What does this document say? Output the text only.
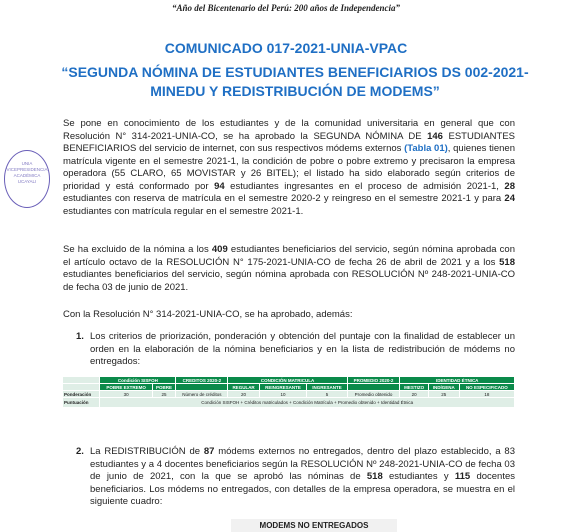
“Año del Bicentenario del Perú: 200 años de Independencia”
COMUNICADO 017-2021-UNIA-VPAC
“SEGUNDA NÓMINA DE ESTUDIANTES BENEFICIARIOS DS 002-2021-MINEDU Y REDISTRIBUCIÓN DE MODEMS”
UNIA
VICEPRESIDENCIA
ACADÉMICA
UCAYALI
Se pone en conocimiento de los estudiantes y de la comunidad universitaria en general que con Resolución N° 314-2021-UNIA-CO, se ha aprobado la SEGUNDA NÓMINA DE 146 ESTUDIANTES BENEFICIARIOS del servicio de internet, con sus respectivos módems externos (Tabla 01), quienes tienen matrícula vigente en el semestre 2021-1, la condición de pobre o pobre extremo y precisaron la empresa operadora (55 CLARO, 65 MOVISTAR y 26 BITEL); el listado ha sido elaborado según criterios de prioridad y está conformado por 94 estudiantes ingresantes en el proceso de admisión 2021-1, 28 estudiantes con reserva de matrícula en el semestre 2020-2 y reingreso en el semestre 2021-1 y para 24 estudiantes con matrícula regular en el semestre 2021-1.
Se ha excluido de la nómina a los 409 estudiantes beneficiarios del servicio, según nómina aprobada con el artículo octavo de la RESOLUCIÓN N° 175-2021-UNIA-CO de fecha 26 de abril de 2021 y a los 518 estudiantes beneficiarios del servicio, según nómina aprobada con RESOLUCIÓN Nº 248-2021-UNIA-CO de fecha 03 de junio de 2021.
Con la Resolución N° 314-2021-UNIA-CO, se ha aprobado, además:
1. Los criterios de priorización, ponderación y obtención del puntaje con la finalidad de establecer un orden en la elaboración de la nómina beneficiarios y en la lista de redistribución de módems no entregados:
	Condición SISFOH		CREDITOS 2020-2	CONDICIÓN MATRICULA			PROMEDIO 2020-2	IDENTIDAD ÉTNICA		
	POBRE EXTREMO	POBRE		REGULAR	REINGRESANTE	INGRESANTE		MESTIZO	INDÍGENA	NO ESPECIFICADO
Ponderación	30	25	Número de créditos	20	10	5	Promedio obtenido	20	25	18
Puntuación	Condición SISFOH + Créditos matriculados + Condición Matrícula + Promedio obtenido + Identidad Étnica									
2. La REDISTRIBUCIÓN de 87 módems externos no entregados, dentro del plazo establecido, a 83 estudiantes y a 4 docentes beneficiarios según la RESOLUCIÓN Nº 248-2021-UNIA-CO de fecha 03 de junio de 2021, con la que se aprobó las nóminas de 518 estudiantes y 115 docentes beneficiarios. Los módems no entregados, con detalles de la empresa operadora, se muestra en el siguiente cuadro:
MODEMS NO ENTREGADOS
